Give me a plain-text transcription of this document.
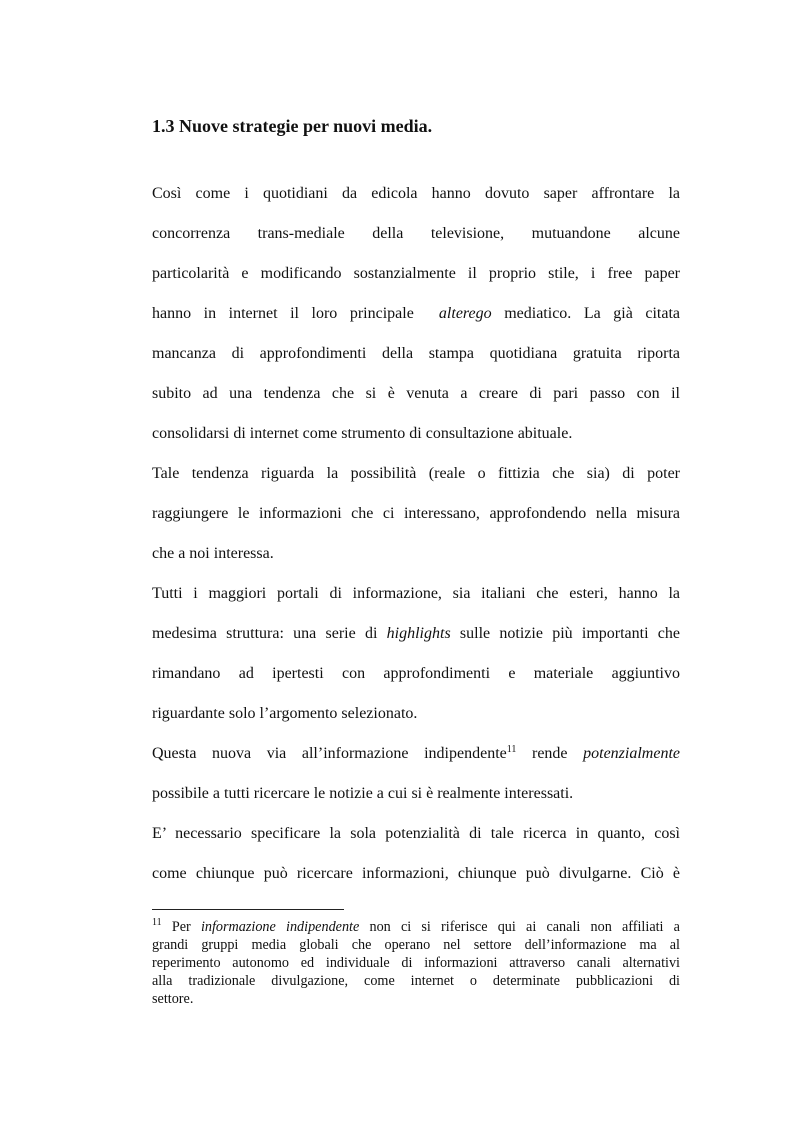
1.3 Nuove strategie per nuovi media.
Così come i quotidiani da edicola hanno dovuto saper affrontare la
concorrenza trans-mediale della televisione, mutuandone alcune
particolarità e modificando sostanzialmente il proprio stile, i free paper
hanno in internet il loro principale  alterego mediatico. La già citata
mancanza di approfondimenti della stampa quotidiana gratuita riporta
subito ad una tendenza che si è venuta a creare di pari passo con il
consolidarsi di internet come strumento di consultazione abituale.
Tale tendenza riguarda la possibilità (reale o fittizia che sia) di poter
raggiungere le informazioni che ci interessano, approfondendo nella misura
che a noi interessa.
Tutti i maggiori portali di informazione, sia italiani che esteri, hanno la
medesima struttura: una serie di highlights sulle notizie più importanti che
rimandano ad ipertesti con approfondimenti e materiale aggiuntivo
riguardante solo l’argomento selezionato.
Questa nuova via all’informazione indipendente$^{11}$ rende potenzialmente
possibile a tutti ricercare le notizie a cui si è realmente interessati.
E’ necessario specificare la sola potenzialità di tale ricerca in quanto, così
come chiunque può ricercare informazioni, chiunque può divulgarne. Ciò è
$^{11}$ Per informazione indipendente non ci si riferisce qui ai canali non affiliati a
grandi gruppi media globali che operano nel settore dell’informazione ma al
reperimento autonomo ed individuale di informazioni attraverso canali alternativi
alla tradizionale divulgazione, come internet o determinate pubblicazioni di
settore.
